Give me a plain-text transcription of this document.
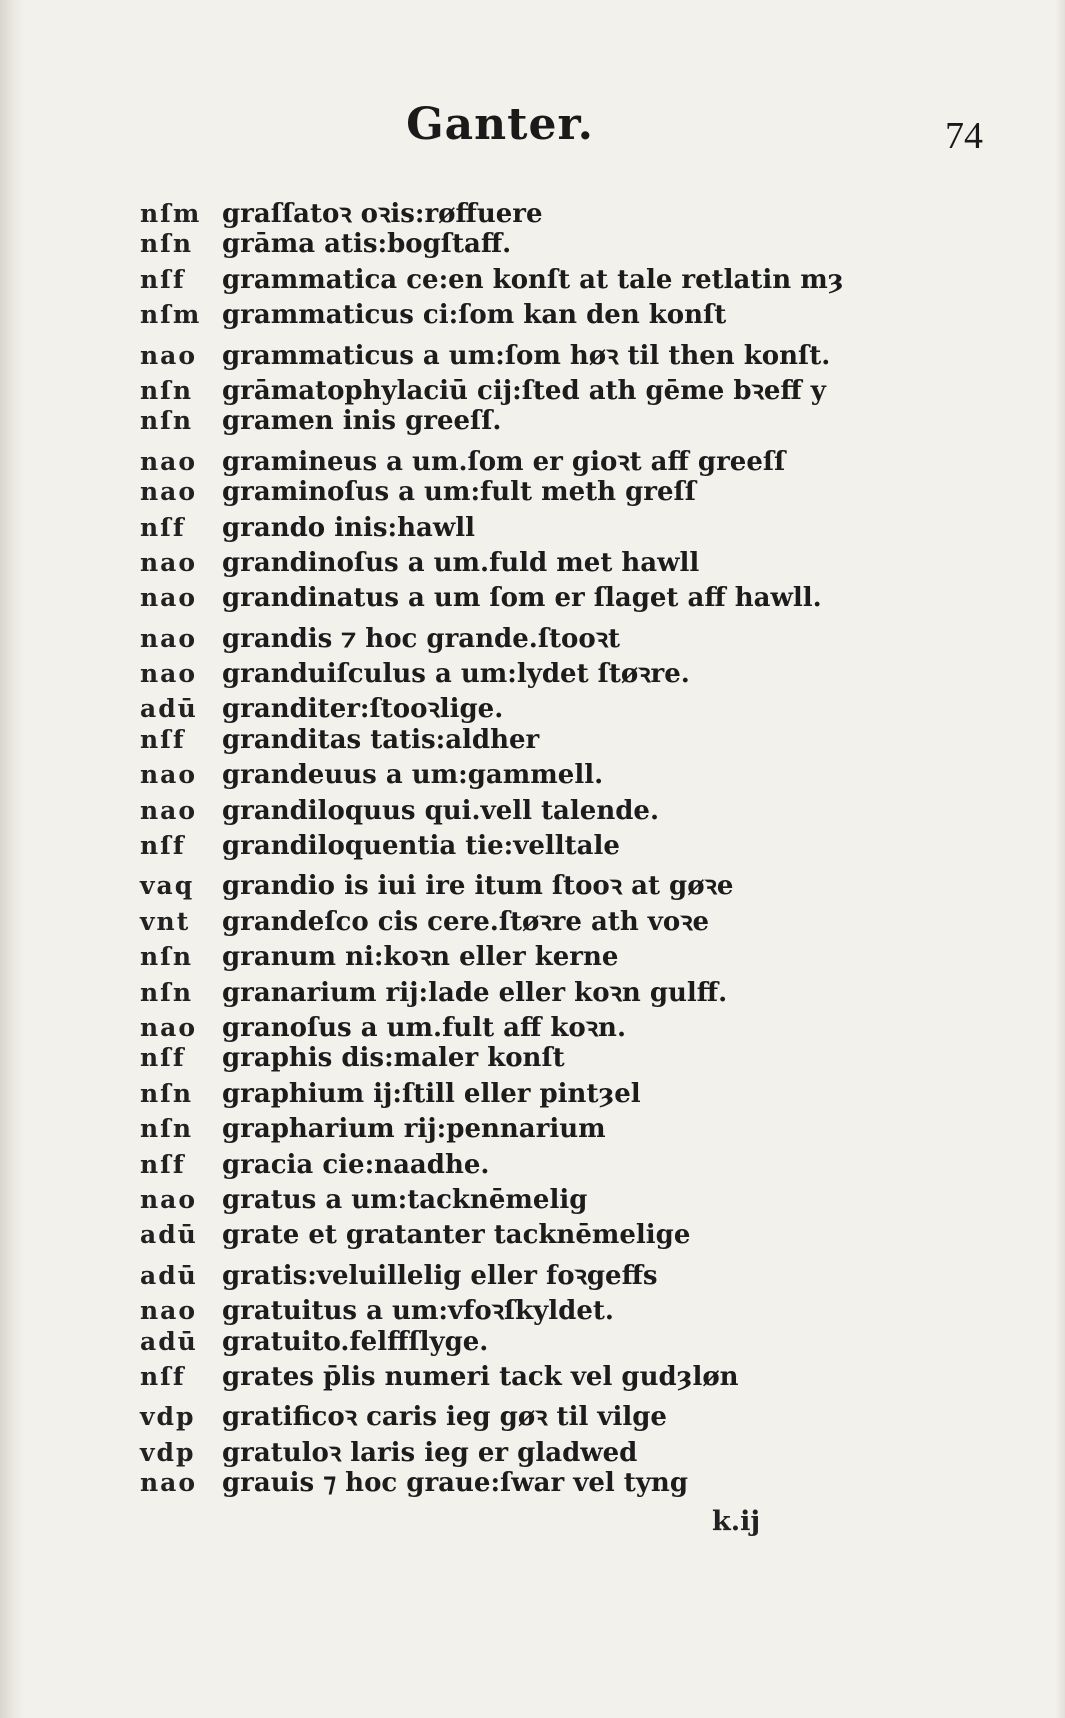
Ganter.	74
nſm graſſatoꝛ oꝛis:røffuere
nſn	grāma atis:bogſtaff.
nſf	grammatica ce:en konſt at tale retlatin mȝ
nſm grammaticus ci:ſom kan den konſt
nao grammaticus a um:ſom høꝛ til then konſt.
nſn	grāmatophylaciū cij:ſted ath gēme bꝛeff y
nſn	gramen inis greeſſ.
nao gramineus a um.ſom er gioꝛt aff greeſſ
nao graminoſus a um:fult meth greſſ
nſf	grando inis:hawll
nao grandinoſus a um.fuld met hawll
nao grandinatus a um ſom er ſlaget aff hawll.
nao grandis ⁊ hoc grande.ſtooꝛt
nao granduiſculus a um:lydet ſtøꝛre.
adū granditer:ſtooꝛlige.
nſf	granditas tatis:aldher
nao grandeuus a um:gammell.
nao grandiloquus qui.vell talende.
nſf	grandiloquentia tie:velltale
vaq	grandio is iui ire itum ſtooꝛ at gøꝛe
vnt	grandeſco cis cere.ſtøꝛre ath voꝛe
nſn	granum ni:koꝛn eller kerne
nſn	granarium rij:lade eller koꝛn gulff.
nao granoſus a um.fult aff koꝛn.
nſf	graphis dis:maler konſt
nſn	graphium ij:ſtill eller pintȝel
nſn	grapharium rij:pennarium
nſf	gracia cie:naadhe.
nao gratus a um:tacknēmelig
adū grate et gratanter tacknēmelige
adū gratis:veluillelig eller foꝛgeffs
nao gratuitus a um:vfoꝛſkyldet.
adū gratuito.felffſlyge.
nſf	grates p̄lis numeri tack vel gudȝløn
vdp	gratificoꝛ caris ieg gøꝛ til vilge
vdp	gratuloꝛ laris ieg er gladwed
nao grauis ⁊ hoc graue:ſwar vel tyng
k.ij
